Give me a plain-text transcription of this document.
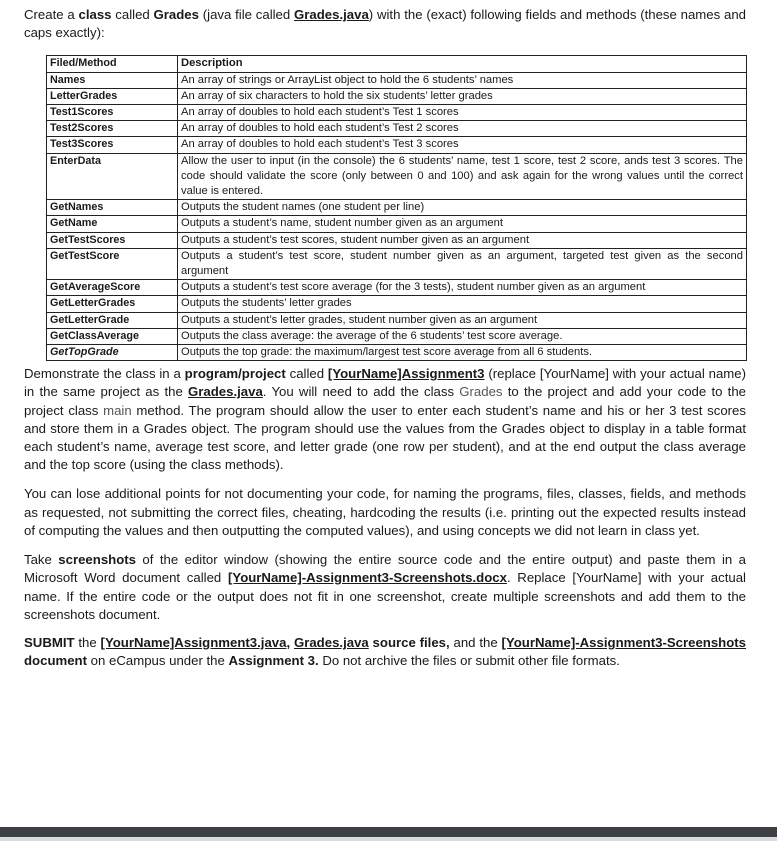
Create a class called Grades (java file called Grades.java) with the (exact) following fields and methods (these names and caps exactly):

Filed/Method	Description
Names	An array of strings or ArrayList object to hold the 6 students’ names
LetterGrades	An array of six characters to hold the six students’ letter grades
Test1Scores	An array of doubles to hold each student’s Test 1 scores
Test2Scores	An array of doubles to hold each student’s Test 2 scores
Test3Scores	An array of doubles to hold each student’s Test 3 scores
EnterData	Allow the user to input (in the console) the 6 students’ name, test 1 score, test 2 score, ands test 3 scores. The code should validate the score (only between 0 and 100) and ask again for the wrong values until the correct value is entered.
GetNames	Outputs the student names (one student per line)
GetName	Outputs a student’s name, student number given as an argument
GetTestScores	Outputs a student’s test scores, student number given as an argument
GetTestScore	Outputs a student’s test score, student number given as an argument, targeted test given as the second argument
GetAverageScore	Outputs a student’s test score average (for the 3 tests), student number given as an argument
GetLetterGrades	Outputs the students’ letter grades
GetLetterGrade	Outputs a student’s letter grades, student number given as an argument
GetClassAverage	Outputs the class average: the average of the 6 students’ test score average.
GetTopGrade	Outputs the top grade: the maximum/largest test score average from all 6 students.

Demonstrate the class in a program/project called [YourName]Assignment3 (replace [YourName] with your actual name) in the same project as the Grades.java. You will need to add the class Grades to the project and add your code to the project class main method. The program should allow the user to enter each student’s name and his or her 3 test scores and store them in a Grades object. The program should use the values from the Grades object to display in a table format each student’s name, average test score, and letter grade (one row per student), and at the end output the class average and the top score (using the class methods).

You can lose additional points for not documenting your code, for naming the programs, files, classes, fields, and methods as requested, not submitting the correct files, cheating, hardcoding the results (i.e. printing out the expected results instead of computing the values and then outputting the computed values), and using concepts we did not learn in class yet.

Take screenshots of the editor window (showing the entire source code and the entire output) and paste them in a Microsoft Word document called [YourName]-Assignment3-Screenshots.docx. Replace [YourName] with your actual name. If the entire code or the output does not fit in one screenshot, create multiple screenshots and add them to the screenshots document.

SUBMIT the [YourName]Assignment3.java, Grades.java source files, and the [YourName]-Assignment3-Screenshots document on eCampus under the Assignment 3. Do not archive the files or submit other file formats.
